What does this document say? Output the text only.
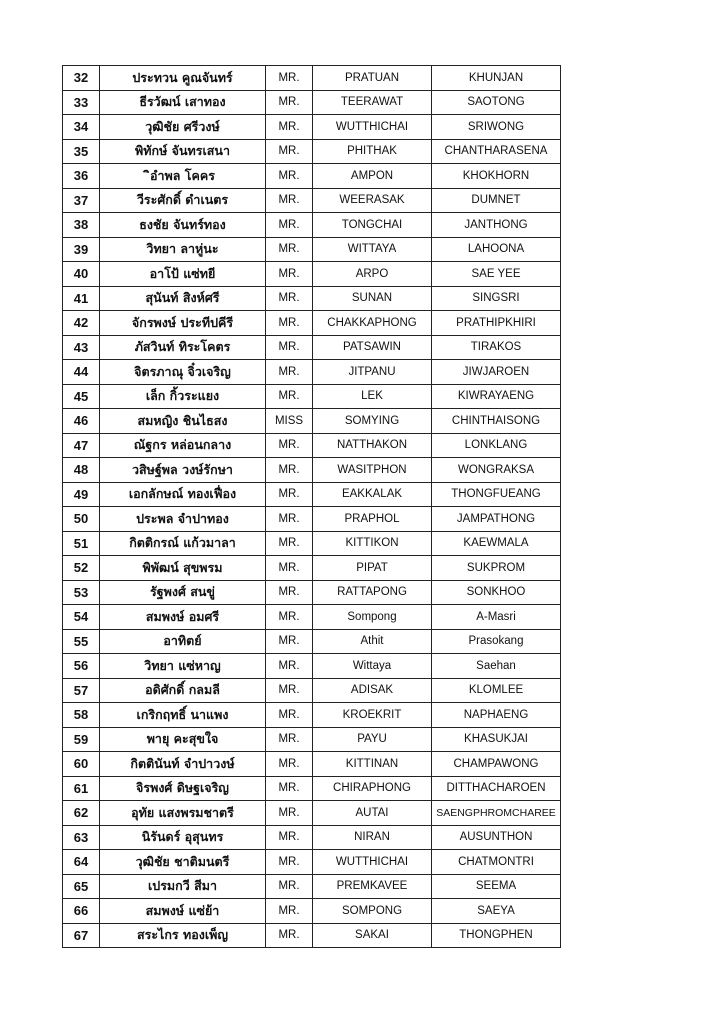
32	ประทวน คูณจันทร์	MR.	PRATUAN	KHUNJAN
33	ธีรวัฒน์ เสาทอง	MR.	TEERAWAT	SAOTONG
34	วุฒิชัย ศรีวงษ์	MR.	WUTTHICHAI	SRIWONG
35	พิทักษ์ จันทรเสนา	MR.	PHITHAK	CHANTHARASENA
36	ิอำพล โคคร	MR.	AMPON	KHOKHORN
37	วีระศักดิ์ ดำเนตร	MR.	WEERASAK	DUMNET
38	ธงชัย จันทร์ทอง	MR.	TONGCHAI	JANTHONG
39	วิทยา ลาหู่นะ	MR.	WITTAYA	LAHOONA
40	อาโป้ แซ่ทยี	MR.	ARPO	SAE YEE
41	สุนันท์ สิงห์ศรี	MR.	SUNAN	SINGSRI
42	จักรพงษ์ ประทีปคีรี	MR.	CHAKKAPHONG	PRATHIPKHIRI
43	ภัสวินท์ ทิระโคตร	MR.	PATSAWIN	TIRAKOS
44	จิตรภาณุ จิ๋วเจริญ	MR.	JITPANU	JIWJAROEN
45	เล็ก กิ้วระแยง	MR.	LEK	KIWRAYAENG
46	สมหญิง ชินไธสง	MISS	SOMYING	CHINTHAISONG
47	ณัฐกร หล่อนกลาง	MR.	NATTHAKON	LONKLANG
48	วสิษฐ์พล วงษ์รักษา	MR.	WASITPHON	WONGRAKSA
49	เอกลักษณ์ ทองเฟื่อง	MR.	EAKKALAK	THONGFUEANG
50	ประพล จำปาทอง	MR.	PRAPHOL	JAMPATHONG
51	กิตติกรณ์ แก้วมาลา	MR.	KITTIKON	KAEWMALA
52	พิพัฒน์ สุขพรม	MR.	PIPAT	SUKPROM
53	รัฐพงศ์ สนขู่	MR.	RATTAPONG	SONKHOO
54	สมพงษ์ อมศรี	MR.	Sompong	A-Masri
55	อาทิตย์	MR.	Athit	Prasokang
56	วิทยา แซ่หาญ	MR.	Wittaya	Saehan
57	อดิศักดิ์ กลมลี	MR.	ADISAK	KLOMLEE
58	เกริกฤทธิ์ นาแพง	MR.	KROEKRIT	NAPHAENG
59	พายุ คะสุขใจ	MR.	PAYU	KHASUKJAI
60	กิตตินันท์ จำปาวงษ์	MR.	KITTINAN	CHAMPAWONG
61	จิรพงศ์ ดิษฐเจริญ	MR.	CHIRAPHONG	DITTHACHAROEN
62	อุทัย แสงพรมชาตรี	MR.	AUTAI	SAENGPHROMCHAREE
63	นิรันดร์ อุสุนทร	MR.	NIRAN	AUSUNTHON
64	วุฒิชัย ชาติมนตรี	MR.	WUTTHICHAI	CHATMONTRI
65	เปรมกวี สีมา	MR.	PREMKAVEE	SEEMA
66	สมพงษ์ แซ่ย้า	MR.	SOMPONG	SAEYA
67	สระไกร ทองเพ็ญ	MR.	SAKAI	THONGPHEN
